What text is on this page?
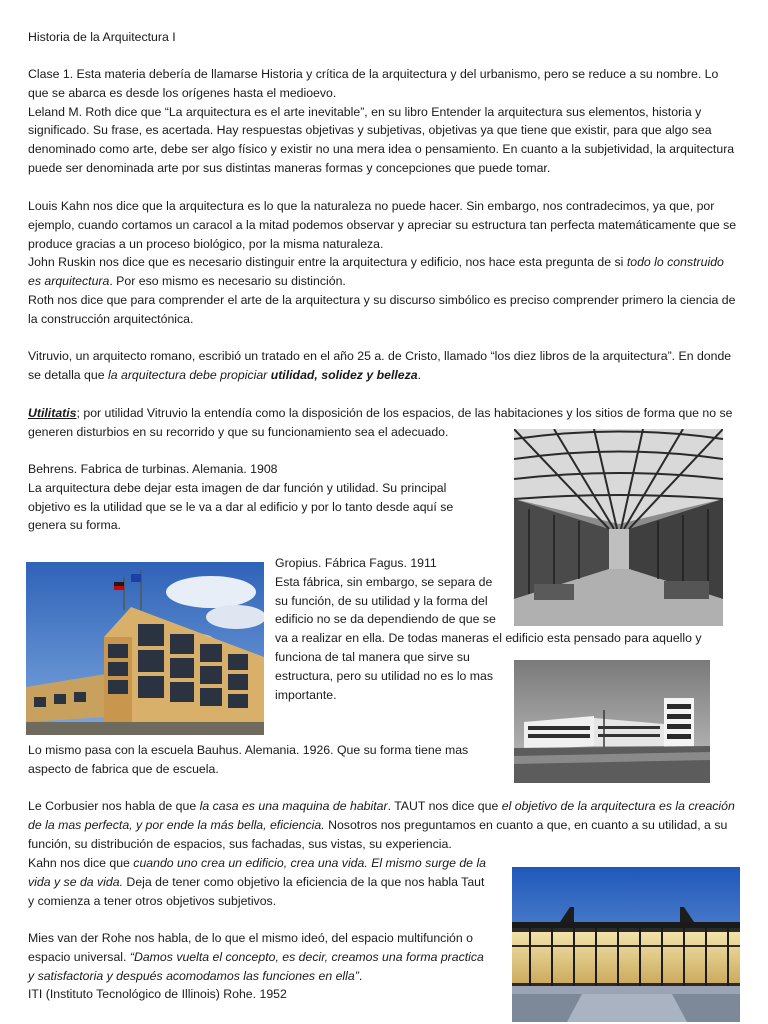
Historia de la Arquitectura I

Clase 1. Esta materia debería de llamarse Historia y crítica de la arquitectura y del urbanismo, pero se reduce a su nombre. Lo que se abarca es desde los orígenes hasta el medioevo.

Leland M. Roth dice que “La arquitectura es el arte inevitable”, en su libro Entender la arquitectura sus elementos, historia y significado. Su frase, es acertada. Hay respuestas objetivas y subjetivas, objetivas ya que tiene que existir, para que algo sea denominado como arte, debe ser algo físico y existir no una mera idea o pensamiento. En cuanto a la subjetividad, la arquitectura puede ser denominada arte por sus distintas maneras formas y concepciones que puede tomar.

Louis Kahn nos dice que la arquitectura es lo que la naturaleza no puede hacer. Sin embargo, nos contradecimos, ya que, por ejemplo, cuando cortamos un caracol a la mitad podemos observar y apreciar su estructura tan perfecta matemáticamente que se produce gracias a un proceso biológico, por la misma naturaleza.

John Ruskin nos dice que es necesario distinguir entre la arquitectura y edificio, nos hace esta pregunta de si todo lo construido es arquitectura. Por eso mismo es necesario su distinción.

Roth nos dice que para comprender el arte de la arquitectura y su discurso simbólico es preciso comprender primero la ciencia de la construcción arquitectónica.

Vitruvio, un arquitecto romano, escribió un tratado en el año 25 a. de Cristo, llamado “los diez libros de la arquitectura”. En donde se detalla que la arquitectura debe propiciar utilidad, solidez y belleza.

Utilitatis; por utilidad Vitruvio la entendía como la disposición de los espacios, de las habitaciones y los sitios de forma que no se generen disturbios en su recorrido y que su funcionamiento sea el adecuado.

Behrens. Fabrica de turbinas. Alemania. 1908

La arquitectura debe dejar esta imagen de dar función y utilidad. Su principal

objetivo es la utilidad que se le va a dar al edificio y por lo tanto desde aquí se

genera su forma.

Gropius. Fábrica Fagus. 1911

Esta fábrica, sin embargo, se separa de

su función, de su utilidad y la forma del

edificio no se da dependiendo de que se

va a realizar en ella. De todas maneras el edificio esta pensado para aquello y

funciona de tal manera que sirve su

estructura, pero su utilidad no es lo mas

importante.

Lo mismo pasa con la escuela Bauhus. Alemania. 1926. Que su forma tiene mas

aspecto de fabrica que de escuela.

Le Corbusier nos habla de que la casa es una maquina de habitar. TAUT nos dice que el objetivo de la arquitectura es la creación de la mas perfecta, y por ende la más bella, eficiencia. Nosotros nos preguntamos en cuanto a que, en cuanto a su utilidad, a su función, su distribución de espacios, sus fachadas, sus vistas, su experiencia.

Kahn nos dice que cuando uno crea un edificio, crea una vida. El mismo surge de la

vida y se da vida. Deja de tener como objetivo la eficiencia de la que nos habla Taut

y comienza a tener otros objetivos subjetivos.

Mies van der Rohe nos habla, de lo que el mismo ideó, del espacio multifunción o

espacio universal. “Damos vuelta el concepto, es decir, creamos una forma practica

y satisfactoria y después acomodamos las funciones en ella”.

ITI (Instituto Tecnológico de Illinois) Rohe. 1952
